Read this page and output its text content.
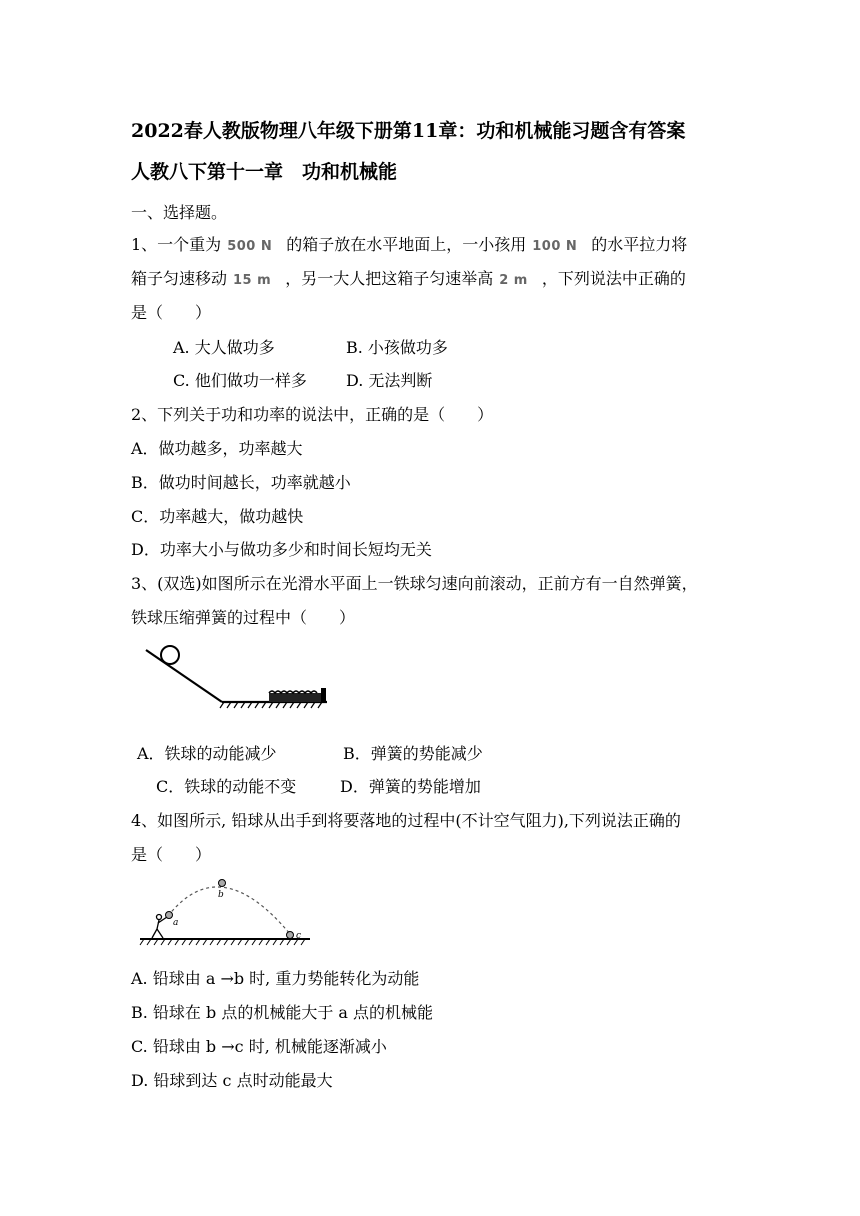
2022春人教版物理八年级下册第11章：功和机械能习题含有答案
人教八下第十一章　功和机械能
一、选择题。
1、一个重为 500 N 的箱子放在水平地面上，一小孩用 100 N 的水平拉力将
箱子匀速移动 15 m ，另一大人把这箱子匀速举高 2 m ，下列说法中正确的
是（　　）
A. 大人做功多	B. 小孩做功多
C. 他们做功一样多 D. 无法判断
2、下列关于功和功率的说法中，正确的是（　　）
A．做功越多，功率越大
B．做功时间越长，功率就越小
C．功率越大，做功越快
D．功率大小与做功多少和时间长短均无关
3、(双选)如图所示在光滑水平面上一铁球匀速向前滚动，正前方有一自然弹簧，
铁球压缩弹簧的过程中（　　）
A．铁球的动能减少	B．弹簧的势能减少
C．铁球的动能不变	D．弹簧的势能增加
4、如图所示, 铅球从出手到将要落地的过程中(不计空气阻力),下列说法正确的
是（　　）
a
b
c
A. 铅球由 a →b 时, 重力势能转化为动能
B. 铅球在 b 点的机械能大于 a 点的机械能
C. 铅球由 b →c 时, 机械能逐渐减小
D. 铅球到达 c 点时动能最大
